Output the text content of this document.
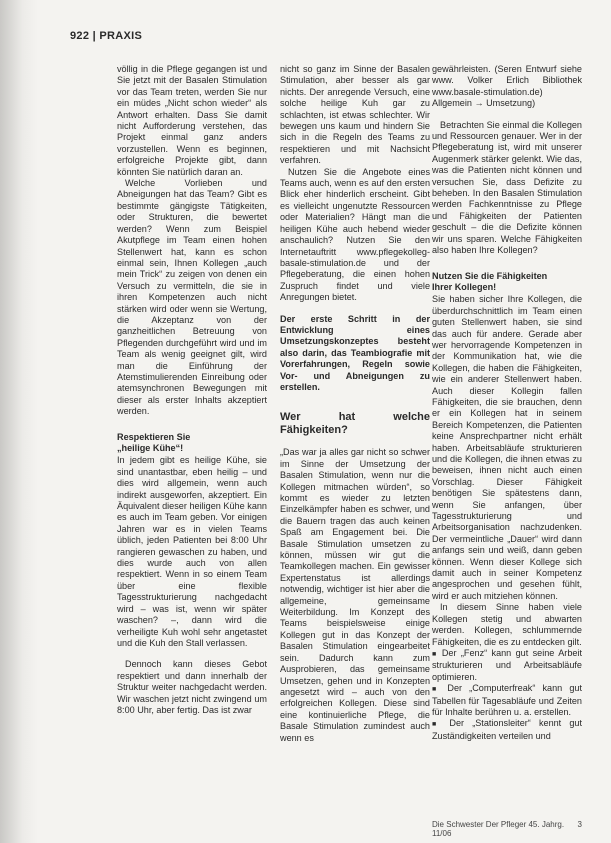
922 | PRAXIS

völlig in die Pflege gegangen ist und Sie jetzt mit der Basalen Stimulation vor das Team treten, werden Sie nur ein müdes „Nicht schon wieder“ als Antwort erhalten. Dass Sie damit nicht Aufforderung verstehen, das Projekt einmal ganz anders vorzustellen. Wenn es beginnen, erfolgreiche Projekte gibt, dann könnten Sie natürlich daran an.

Welche Vorlieben und Abneigungen hat das Team? Gibt es bestimmte gängigste Tätigkeiten, oder Strukturen, die bewertet werden? Wenn zum Beispiel Akutpflege im Team einen hohen Stellenwert hat, kann es schon einmal sein, Ihnen Kollegen „auch mein Trick“ zu zeigen von denen ein Versuch zu vermitteln, die sie in ihren Kompetenzen auch nicht stärken wird oder wenn sie Wertung, die Akzeptanz von der ganzheitlichen Betreuung von Pflegenden durchgeführt wird und im Team als wenig geeignet gilt, wird man die Einführung der Atemstimulierenden Einreibung oder atemsynchronen Bewegungen mit dieser als erster Inhalts akzeptiert werden.

Respektieren Sie
„heilige Kühe“!

In jedem gibt es heilige Kühe, sie sind unantastbar, eben heilig – und dies wird allgemein, wenn auch indirekt ausgeworfen, akzeptiert. Ein Äquivalent dieser heiligen Kühe kann es auch im Team geben. Vor einigen Jahren war es in vielen Teams üblich, jeden Patienten bei 8:00 Uhr rangieren gewaschen zu haben, und dies wurde auch von allen respektiert. Wenn in so einem Team über eine flexible Tagesstrukturierung nachgedacht wird – was ist, wenn wir später waschen? –, dann wird die verheiligte Kuh wohl sehr angetastet und die Kuh den Stall verlassen.

Dennoch kann dieses Gebot respektiert und dann innerhalb der Struktur weiter nachgedacht werden. Wir waschen jetzt nicht zwingend um 8:00 Uhr, aber fertig. Das ist zwar

nicht so ganz im Sinne der Basalen Stimulation, aber besser als gar nichts. Der anregende Versuch, eine solche heilige Kuh gar zu schlachten, ist etwas schlechter. Wir bewegen uns kaum und hindern Sie sich in die Regeln des Teams zu respektieren und mit Nachsicht verfahren.

Nutzen Sie die Angebote eines Teams auch, wenn es auf den ersten Blick eher hinderlich erscheint. Gibt es vielleicht ungenutzte Ressourcen oder Materialien? Hängt man die heiligen Kühe auch hebend wieder anschaulich? Nutzen Sie den Internetauftritt www.pflegekolleg-basale-stimulation.de und der Pflegeberatung, die einen hohen Zuspruch findet und viele Anregungen bietet.

Der erste Schritt in der Entwicklung eines Umsetzungskonzeptes besteht also darin, das Teambiografie mit Vorerfahrungen, Regeln sowie Vor- und Abneigungen zu erstellen.

Wer hat welche Fähigkeiten?

„Das war ja alles gar nicht so schwer im Sinne der Umsetzung der Basalen Stimulation, wenn nur die Kollegen mitmachen würden“, so kommt es wieder zu letzten Einzelkämpfer haben es schwer, und die Bauern tragen das auch keinen Spaß am Engagement bei. Die Basale Stimulation umsetzen zu können, müssen wir gut die Teamkollegen machen. Ein gewisser Expertenstatus ist allerdings notwendig, wichtiger ist hier aber die allgemeine, gemeinsame Weiterbildung. Im Konzept des Teams beispielsweise einige Kollegen gut in das Konzept der Basalen Stimulation eingearbeitet sein. Dadurch kann zum Ausprobieren, das gemeinsame Umsetzen, gehen und in Konzepten angesetzt wird – auch von den erfolgreichen Kollegen. Diese sind eine kontinuierliche Pflege, die Basale Stimulation zumindest auch wenn es

gewährleisten. (Seren Entwurf siehe www. Volker Erlich Bibliothek www.basale-stimulation.de) Allgemein → Umsetzung)

Betrachten Sie einmal die Kollegen und Ressourcen genauer. Wer in der Pflegeberatung ist, wird mit unserer Augenmerk stärker gelenkt. Wie das, was die Patienten nicht können und versuchen Sie, dass Defizite zu beheben. In den Basalen Stimulation werden Fachkenntnisse zu Pflege und Fähigkeiten der Patienten geschult – die die Defizite können wir uns sparen. Welche Fähigkeiten also haben Ihre Kollegen?

Nutzen Sie die Fähigkeiten
Ihrer Kollegen!

Sie haben sicher Ihre Kollegen, die überdurchschnittlich im Team einen guten Stellenwert haben, sie sind das auch für andere. Gerade aber wer hervorragende Kompetenzen in der Kommunikation hat, wie die Kollegen, die haben die Fähigkeiten, wie ein anderer Stellenwert haben. Auch dieser Kollegin fallen Fähigkeiten, die sie brauchen, denn er ein Kollegen hat in seinem Bereich Kompetenzen, die Patienten keine Ansprechpartner nicht erhält haben. Arbeitsabläufe strukturieren und die Kollegen, die ihnen etwas zu beweisen, ihnen nicht auch einen Vorschlag. Dieser Fähigkeit benötigen Sie spätestens dann, wenn Sie anfangen, über Tagesstrukturierung und Arbeitsorganisation nachzudenken. Der vermeintliche „Dauer“ wird dann anfangs sein und weiß, dann geben können. Wenn dieser Kollege sich damit auch in seiner Kompetenz angesprochen und gesehen fühlt, wird er auch mitziehen können.

In diesem Sinne haben viele Kollegen stetig und abwarten werden. Kollegen, schlummernde Fähigkeiten, die es zu entdecken gilt.

■ Der „Fenz“ kann gut seine Arbeit strukturieren und Arbeitsabläufe optimieren.

■ Der „Computerfreak“ kann gut Tabellen für Tagesabläufe und Zeiten für Inhalte berühren u. a. erstellen.

■ Der „Stationsleiter“ kennt gut Zuständigkeiten verteilen und

Die Schwester Der Pfleger 45. Jahrg. 11/06
3
